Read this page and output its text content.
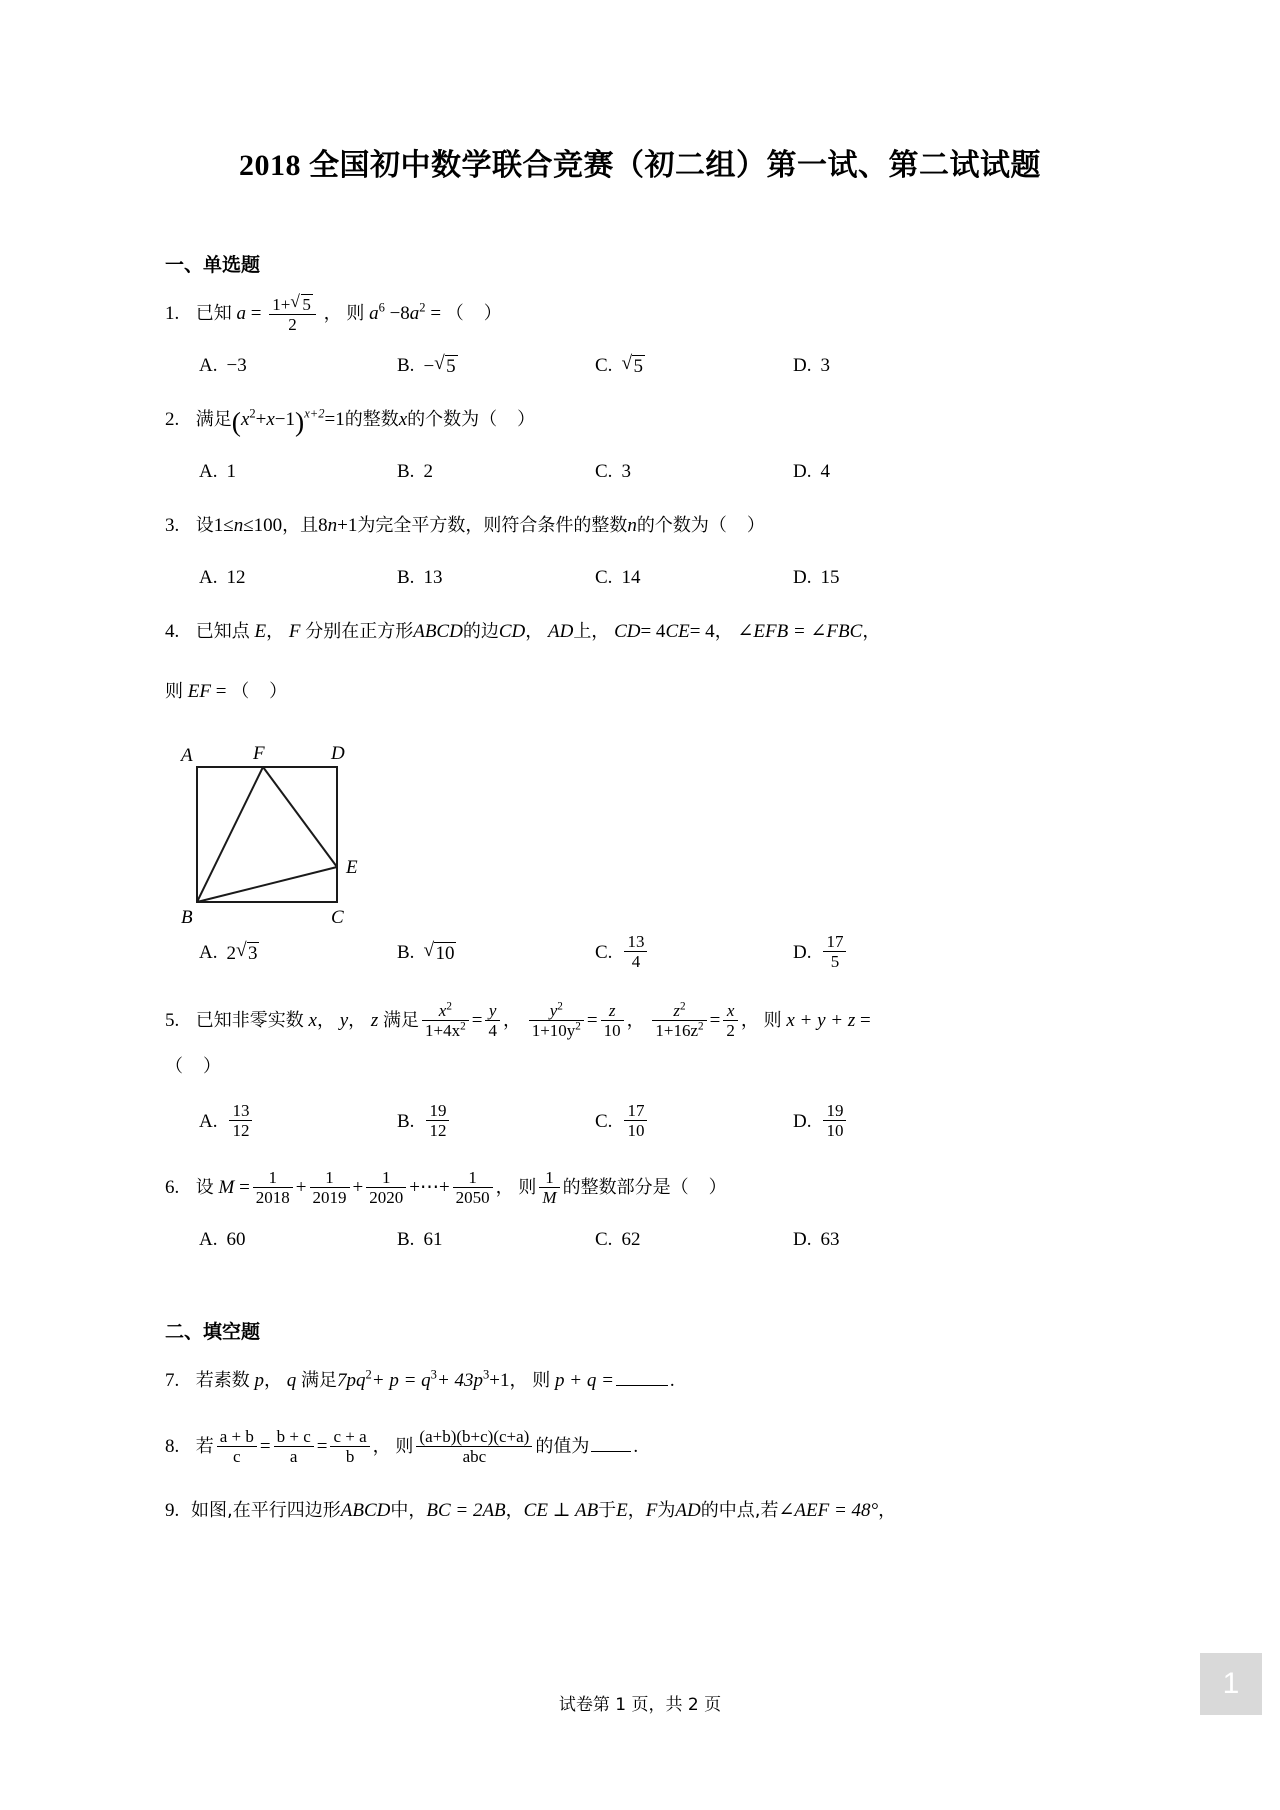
2018 全国初中数学联合竞赛（初二组）第一试、第二试试题
一、单选题
1. 已知 $a = \frac{1+ √ 5}{2}$ ， 则 $a^6 -8a^2$ = （　）
A. −3	B. − √ 5	C.	√ 5	D. 3
2. 满足$(x^2+x-1)^{x+2}=1$的整数x的个数为（　）
A. 1	B. 2	C. 3	D. 4
3. 设1≤n≤100，且8n+1为完全平方数，则符合条件的整数n的个数为（　）
A. 12	B. 13	C. 14	D. 15
4. 已知点 E， F 分别在正方形ABCD的边CD， AD上， CD= 4CE= 4， ∠EFB = ∠FBC，
则 EF = （　）
A	F	D
E
B	C
A. 2 √ 3	B.	√ 10	C. $\frac{13}{4}$	D. $\frac{17}{5}$
5. 已知非零实数 x， y， z 满足 $\frac{x^2}{1+4x^2} = \frac{y}{4}$ ， $\frac{y^2}{1+10y^2} = \frac{z}{10}$ ， $\frac{z^2}{1+16z^2} = \frac{x}{2}$ ， 则 x + y + z =
（　）
A. $\frac{13}{12}$	B. $\frac{19}{12}$	C. $\frac{17}{10}$	D. $\frac{19}{10}$
6. 设 $M = \frac{1}{2018} + \frac{1}{2019} + \frac{1}{2020}$ +⋯+ $\frac{1}{2050}$ ， 则 $\frac{1}{M}$ 的整数部分是（　）
A. 60	B. 61	C. 62	D. 63
二、填空题
7. 若素数 p， q 满足$7pq^2+ p = q^3+ 43p^3+1$， 则 p + q =	.
8. 若 $\frac{a + b}{c} = \frac{b + c}{a} = \frac{c + a}{b}$ ， 则 $\frac{(a+b)(b+c)(c+a)}{\text{abc}}$ 的值为 .
9. 如图,在平行四边形ABCD中，BC = 2AB，CE ⊥ AB于E，F为AD的中点,若∠AEF = 48°，
试卷第 1 页，共 2 页
1
